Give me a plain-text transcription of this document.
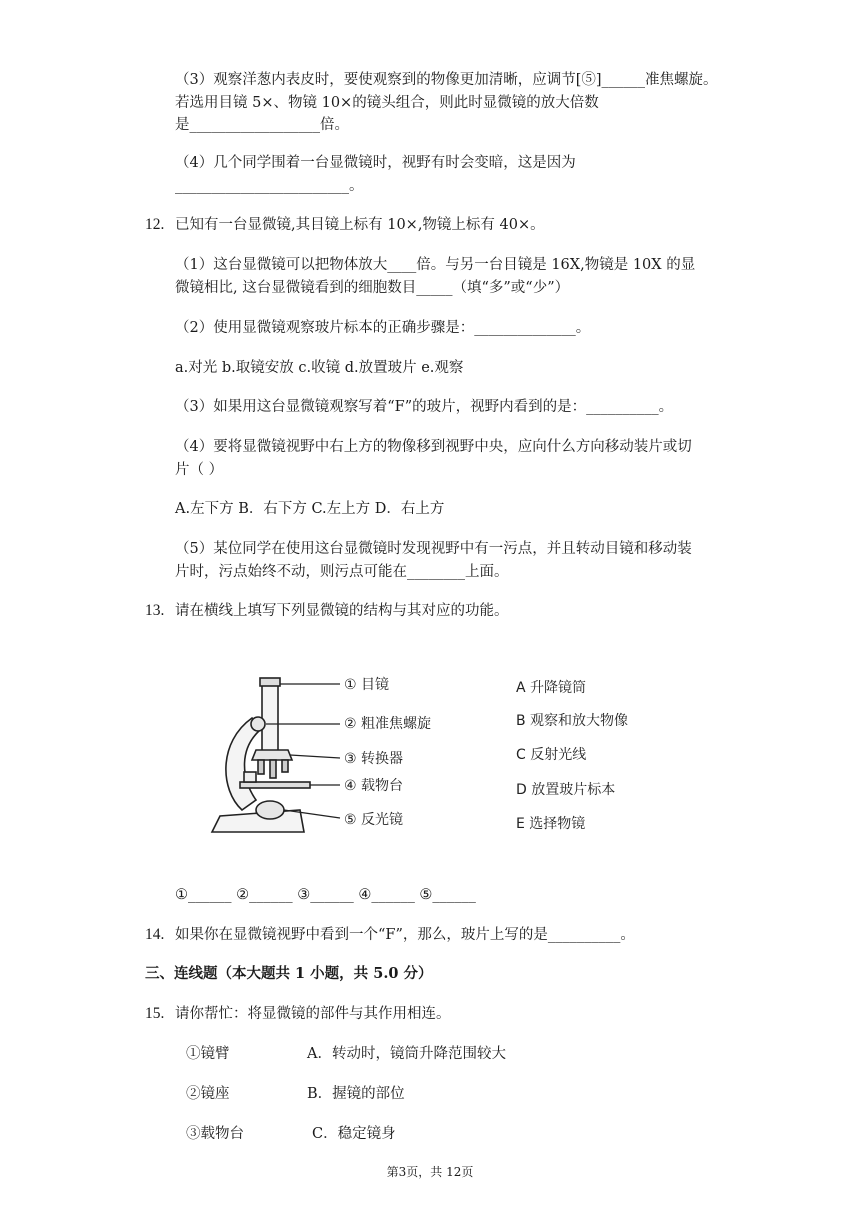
（3）观察洋葱内表皮时，要使观察到的物像更加清晰，应调节[⑤]______准焦螺旋。
若选用目镜 5×、物镜 10×的镜头组合，则此时显微镜的放大倍数
是__________________倍。
（4）几个同学围着一台显微镜时，视野有时会变暗，这是因为
________________________。
12. 已知有一台显微镜,其目镜上标有 10×,物镜上标有 40×。
（1）这台显微镜可以把物体放大____倍。与另一台目镜是 16X,物镜是 10X 的显
微镜相比, 这台显微镜看到的细胞数目_____（填“多”或“少”）
（2）使用显微镜观察玻片标本的正确步骤是：______________。
a.对光 b.取镜安放 c.收镜 d.放置玻片 e.观察
（3）如果用这台显微镜观察写着“F”的玻片，视野内看到的是：__________。
（4）要将显微镜视野中右上方的物像移到视野中央，应向什么方向移动装片或切
片（ ）
A.左下方 B．右下方 C.左上方 D．右上方
（5）某位同学在使用这台显微镜时发现视野中有一污点，并且转动目镜和移动装
片时，污点始终不动，则污点可能在________上面。
13. 请在横线上填写下列显微镜的结构与其对应的功能。
① 目镜
② 粗准焦螺旋
③ 转换器
④ 载物台
⑤ 反光镜
A 升降镜筒
B 观察和放大物像
C 反射光线
D 放置玻片标本
E 选择物镜
①______ ②______ ③______ ④______ ⑤______
14. 如果你在显微镜视野中看到一个“F”，那么，玻片上写的是__________。
三、连线题（本大题共 1 小题，共 5.0 分）
15. 请你帮忙：将显微镜的部件与其作用相连。
①镜臂	A．转动时，镜筒升降范围较大
②镜座	B．握镜的部位
③载物台	C．稳定镜身
第3页，共 12页
